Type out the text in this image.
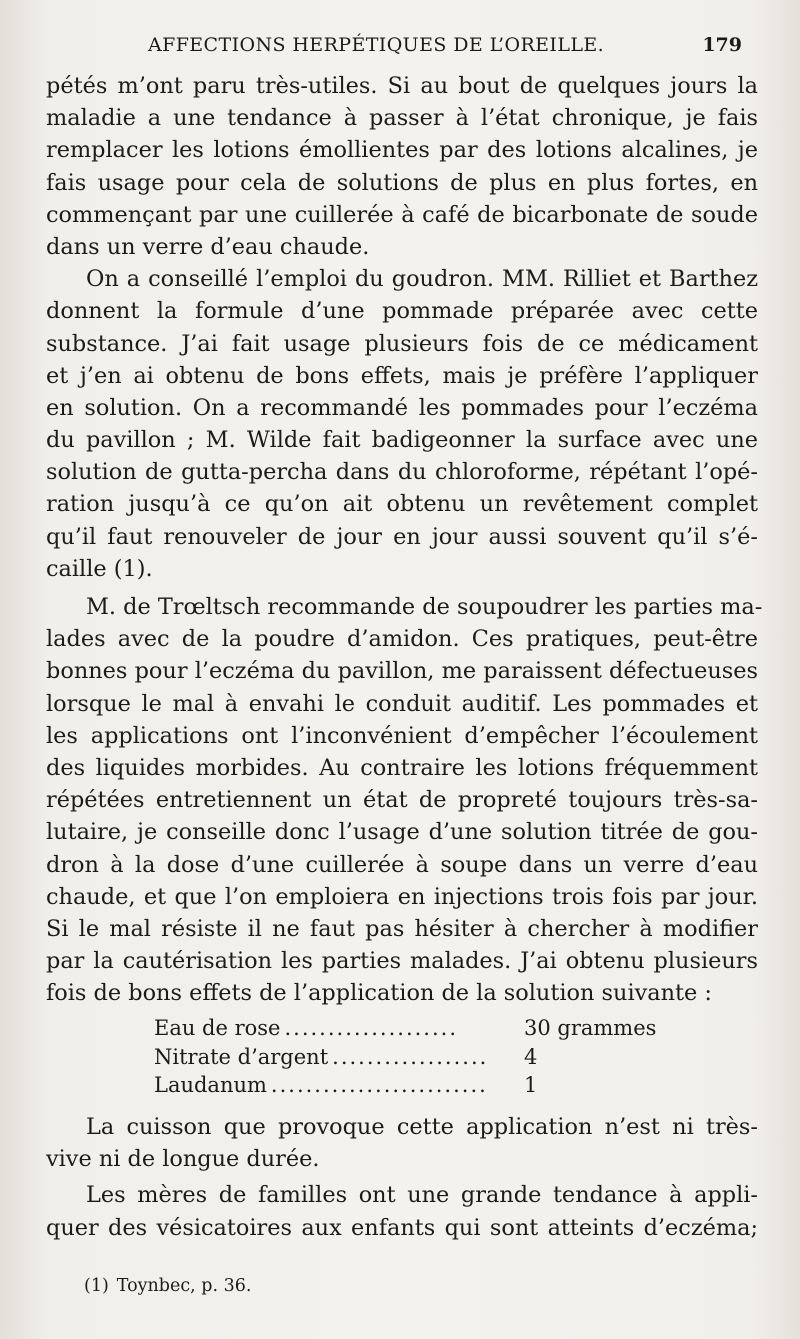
AFFECTIONS HERPÉTIQUES DE L’OREILLE.	179
pétés m’ont paru très-utiles. Si au bout de quelques jours la
maladie a une tendance à passer à l’état chronique, je fais
remplacer les lotions émollientes par des lotions alcalines, je
fais usage pour cela de solutions de plus en plus fortes, en
commençant par une cuillerée à café de bicarbonate de soude
dans un verre d’eau chaude.
On a conseillé l’emploi du goudron. MM. Rilliet et Barthez
donnent la formule d’une pommade préparée avec cette
substance. J’ai fait usage plusieurs fois de ce médicament
et j’en ai obtenu de bons effets, mais je préfère l’appliquer
en solution. On a recommandé les pommades pour l’eczéma
du pavillon ; M. Wilde fait badigeonner la surface avec une
solution de gutta-percha dans du chloroforme, répétant l’opé-
ration jusqu’à ce qu’on ait obtenu un revêtement complet
qu’il faut renouveler de jour en jour aussi souvent qu’il s’é-
caille (1).
M. de Trœltsch recommande de soupoudrer les parties ma-
lades avec de la poudre d’amidon. Ces pratiques, peut-être
bonnes pour l’eczéma du pavillon, me paraissent défectueuses
lorsque le mal à envahi le conduit auditif. Les pommades et
les applications ont l’inconvénient d’empêcher l’écoulement
des liquides morbides. Au contraire les lotions fréquemment
répétées entretiennent un état de propreté toujours très-sa-
lutaire, je conseille donc l’usage d’une solution titrée de gou-
dron à la dose d’une cuillerée à soupe dans un verre d’eau
chaude, et que l’on emploiera en injections trois fois par jour.
Si le mal résiste il ne faut pas hésiter à chercher à modifier
par la cautérisation les parties malades. J’ai obtenu plusieurs
fois de bons effets de l’application de la solution suivante :
Eau de rose ....................	30 grammes
Nitrate d’argent ..................	4
Laudanum .........................	1
La cuisson que provoque cette application n’est ni très-
vive ni de longue durée.
Les mères de familles ont une grande tendance à appli-
quer des vésicatoires aux enfants qui sont atteints d’eczéma;
(1) Toynbec, p. 36.
